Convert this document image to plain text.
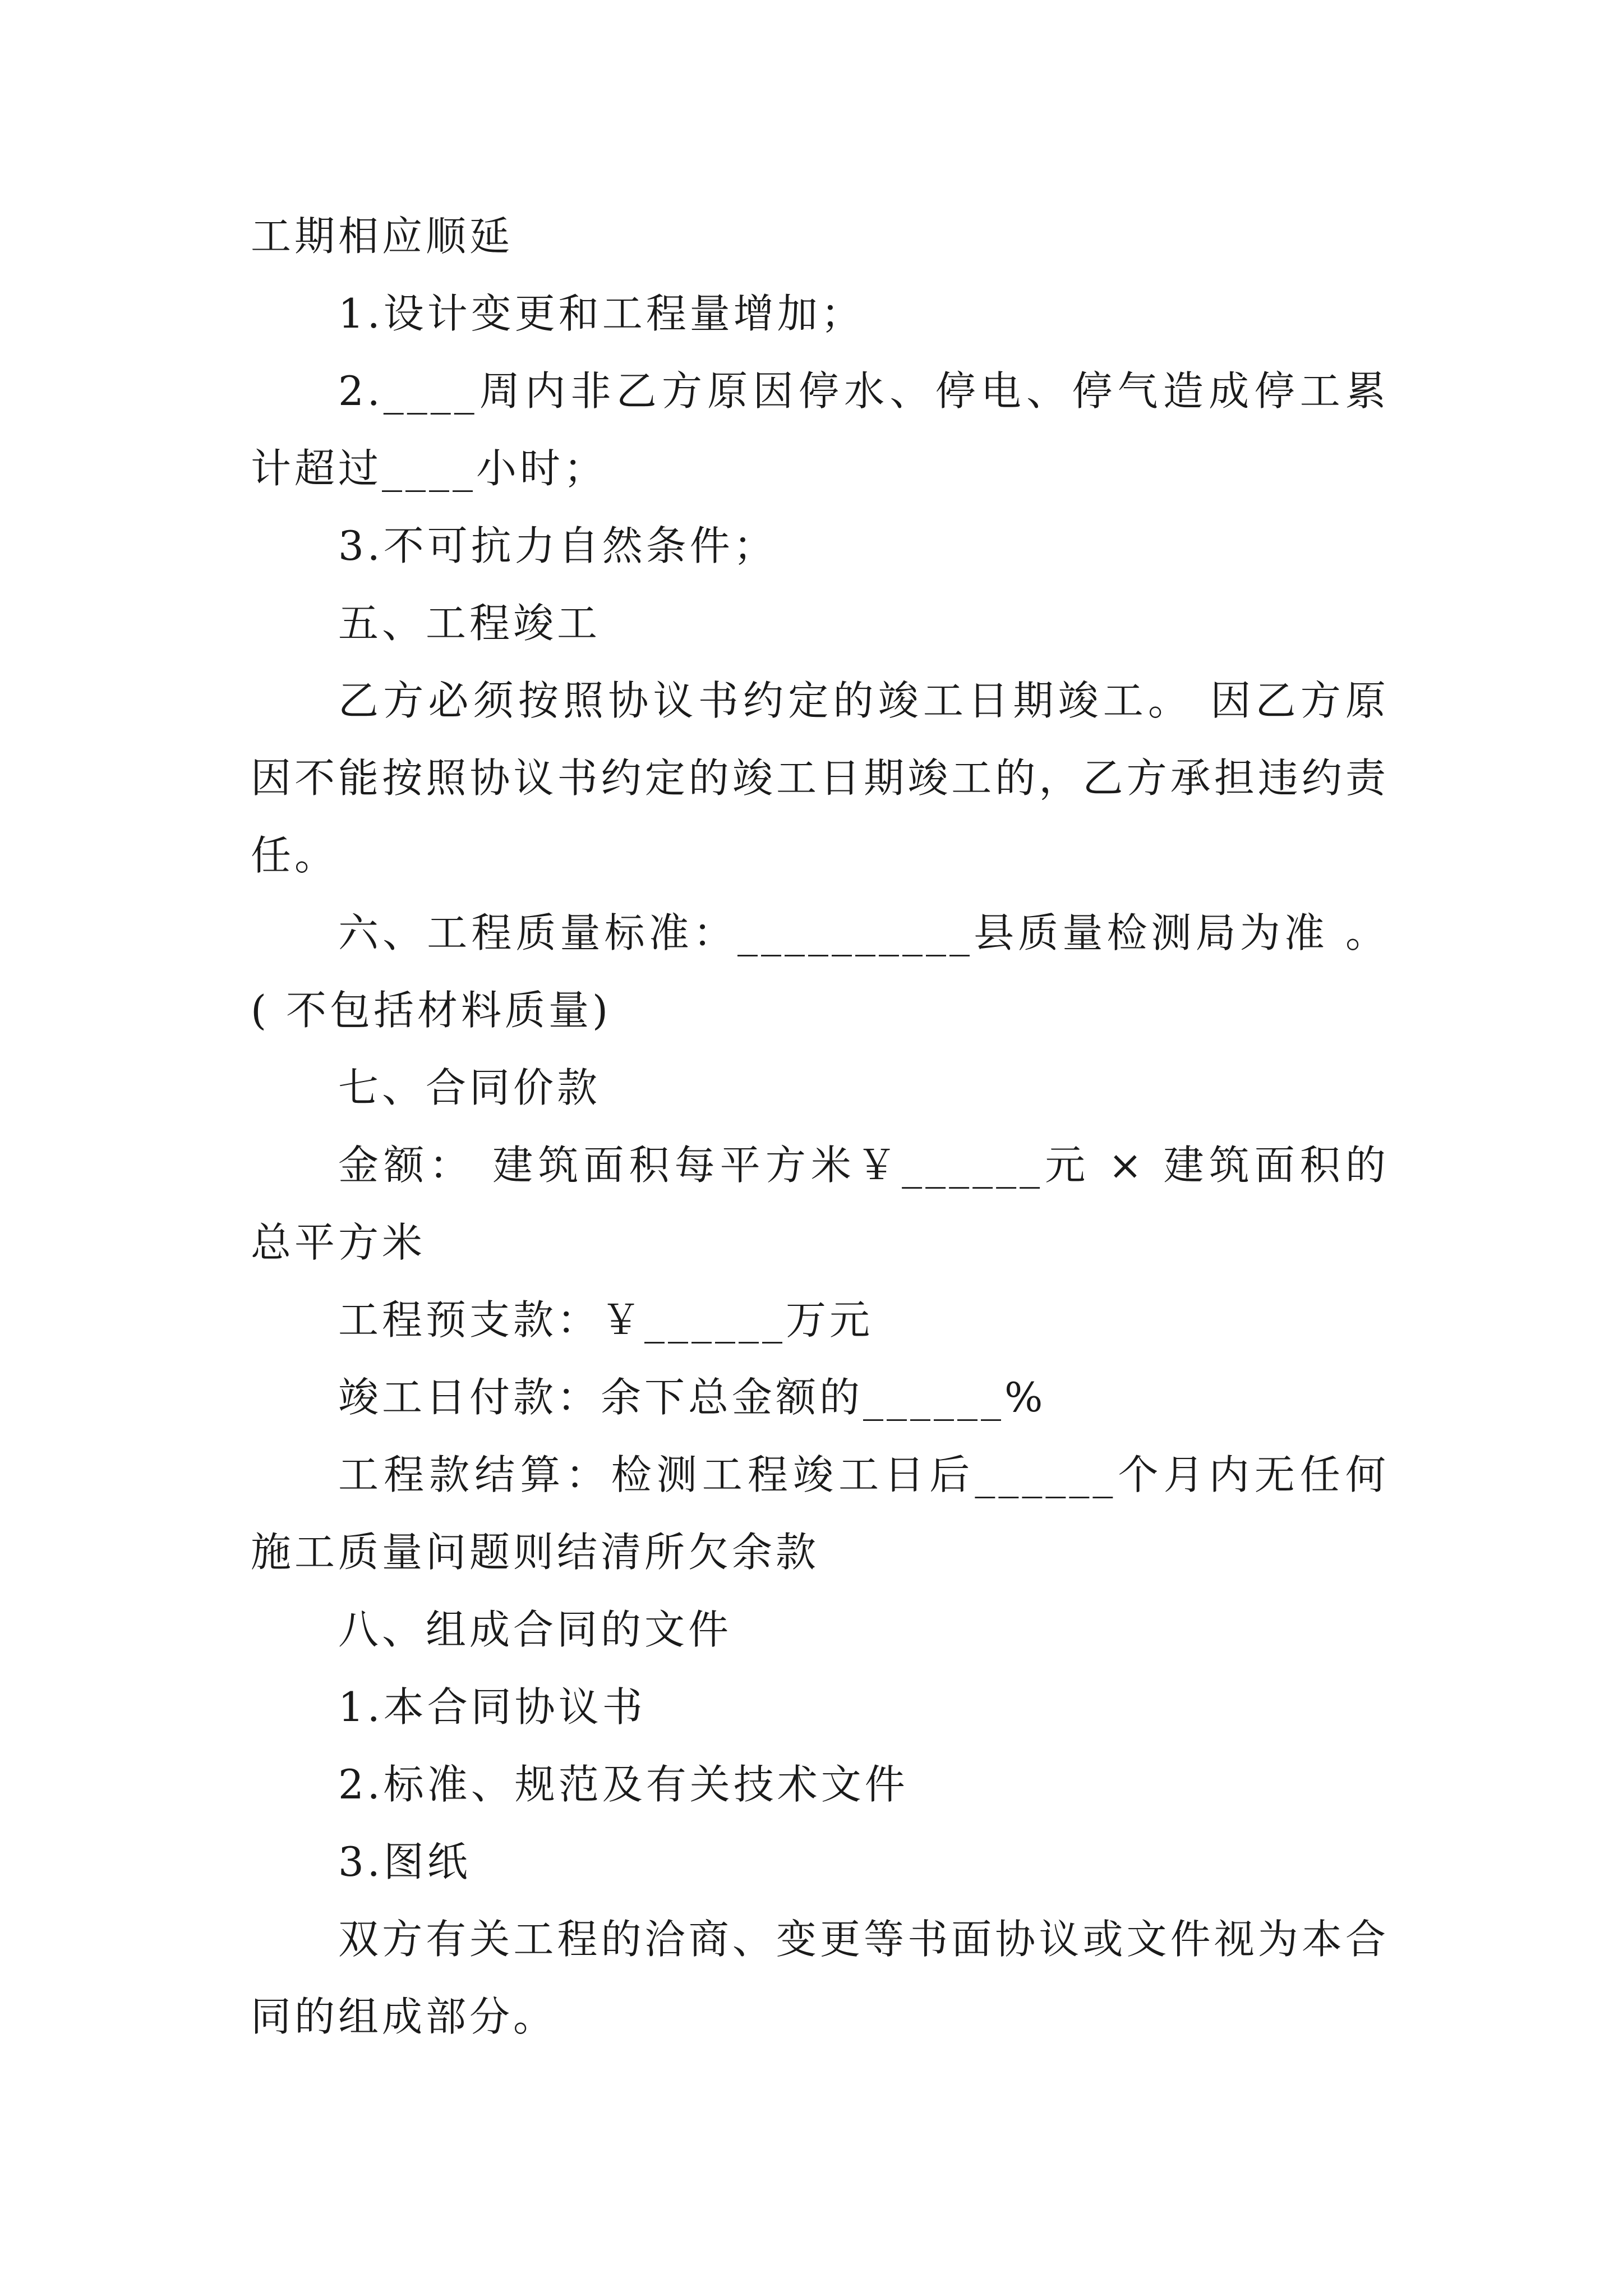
工期相应顺延

1.设计变更和工程量增加；

2.____周内非乙方原因停水、停电、停气造成停工累计超过____小时；

3.不可抗力自然条件；

五、工程竣工

乙方必须按照协议书约定的竣工日期竣工。 因乙方原因不能按照协议书约定的竣工日期竣工的，乙方承担违约责任。

六、工程质量标准：__________县质量检测局为准 。( 不包括材料质量)

七、合同价款

金额： 建筑面积每平方米￥______元 × 建筑面积的总平方米

工程预支款：￥______万元

竣工日付款：余下总金额的______%

工程款结算：检测工程竣工日后______个月内无任何施工质量问题则结清所欠余款

八、组成合同的文件

1.本合同协议书

2.标准、规范及有关技术文件

3.图纸

双方有关工程的洽商、变更等书面协议或文件视为本合同的组成部分。
